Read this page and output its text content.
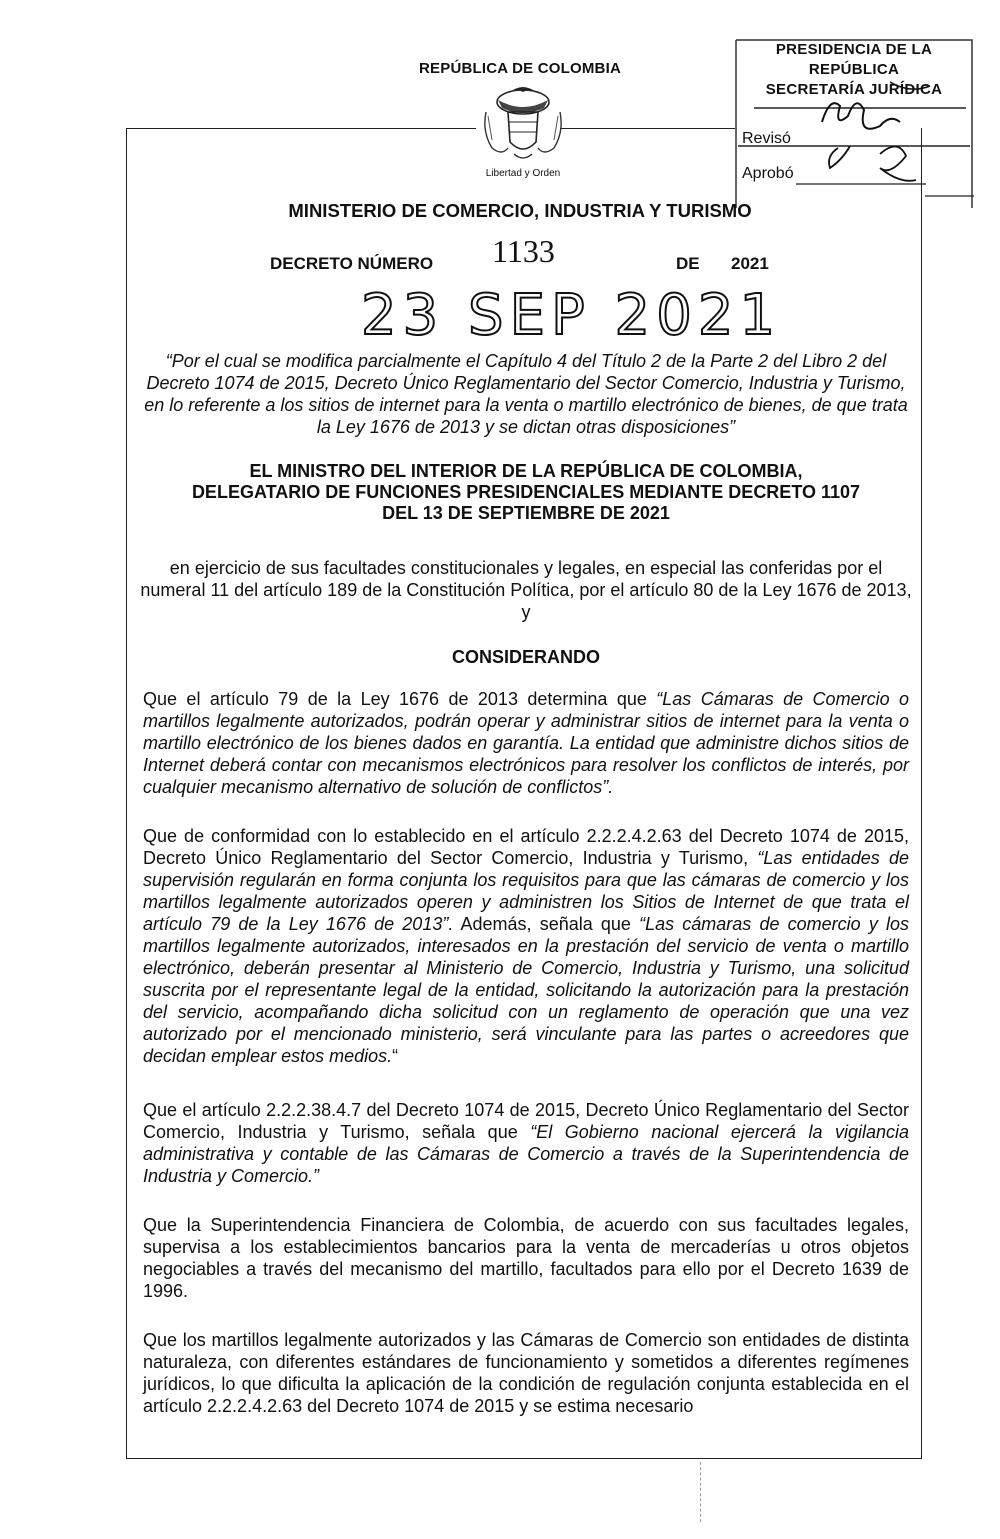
REPÚBLICA DE COLOMBIA
Libertad y Orden
PRESIDENCIA DE LA REPÚBLICA
SECRETARÍA JURÍDICA
Revisó
Aprobó
MINISTERIO DE COMERCIO, INDUSTRIA Y TURISMO
DECRETO NÚMERO 1133	DE 2021
23 SEP 2021
“Por el cual se modifica parcialmente el Capítulo 4 del Título 2 de la Parte 2 del Libro 2 del Decreto 1074 de 2015, Decreto Único Reglamentario del Sector Comercio, Industria y Turismo, en lo referente a los sitios de internet para la venta o martillo electrónico de bienes, de que trata la Ley 1676 de 2013 y se dictan otras disposiciones”
EL MINISTRO DEL INTERIOR DE LA REPÚBLICA DE COLOMBIA,
DELEGATARIO DE FUNCIONES PRESIDENCIALES MEDIANTE DECRETO 1107
DEL 13 DE SEPTIEMBRE DE 2021
en ejercicio de sus facultades constitucionales y legales, en especial las conferidas por el numeral 11 del artículo 189 de la Constitución Política, por el artículo 80 de la Ley 1676 de 2013, y
CONSIDERANDO
Que el artículo 79 de la Ley 1676 de 2013 determina que “Las Cámaras de Comercio o martillos legalmente autorizados, podrán operar y administrar sitios de internet para la venta o martillo electrónico de los bienes dados en garantía. La entidad que administre dichos sitios de Internet deberá contar con mecanismos electrónicos para resolver los conflictos de interés, por cualquier mecanismo alternativo de solución de conflictos”.
Que de conformidad con lo establecido en el artículo 2.2.2.4.2.63 del Decreto 1074 de 2015, Decreto Único Reglamentario del Sector Comercio, Industria y Turismo, “Las entidades de supervisión regularán en forma conjunta los requisitos para que las cámaras de comercio y los martillos legalmente autorizados operen y administren los Sitios de Internet de que trata el artículo 79 de la Ley 1676 de 2013”. Además, señala que “Las cámaras de comercio y los martillos legalmente autorizados, interesados en la prestación del servicio de venta o martillo electrónico, deberán presentar al Ministerio de Comercio, Industria y Turismo, una solicitud suscrita por el representante legal de la entidad, solicitando la autorización para la prestación del servicio, acompañando dicha solicitud con un reglamento de operación que una vez autorizado por el mencionado ministerio, será vinculante para las partes o acreedores que decidan emplear estos medios.“
Que el artículo 2.2.2.38.4.7 del Decreto 1074 de 2015, Decreto Único Reglamentario del Sector Comercio, Industria y Turismo, señala que “El Gobierno nacional ejercerá la vigilancia administrativa y contable de las Cámaras de Comercio a través de la Superintendencia de Industria y Comercio.”
Que la Superintendencia Financiera de Colombia, de acuerdo con sus facultades legales, supervisa a los establecimientos bancarios para la venta de mercaderías u otros objetos negociables a través del mecanismo del martillo, facultados para ello por el Decreto 1639 de 1996.
Que los martillos legalmente autorizados y las Cámaras de Comercio son entidades de distinta naturaleza, con diferentes estándares de funcionamiento y sometidos a diferentes regímenes jurídicos, lo que dificulta la aplicación de la condición de regulación conjunta establecida en el artículo 2.2.2.4.2.63 del Decreto 1074 de 2015 y se estima necesario
